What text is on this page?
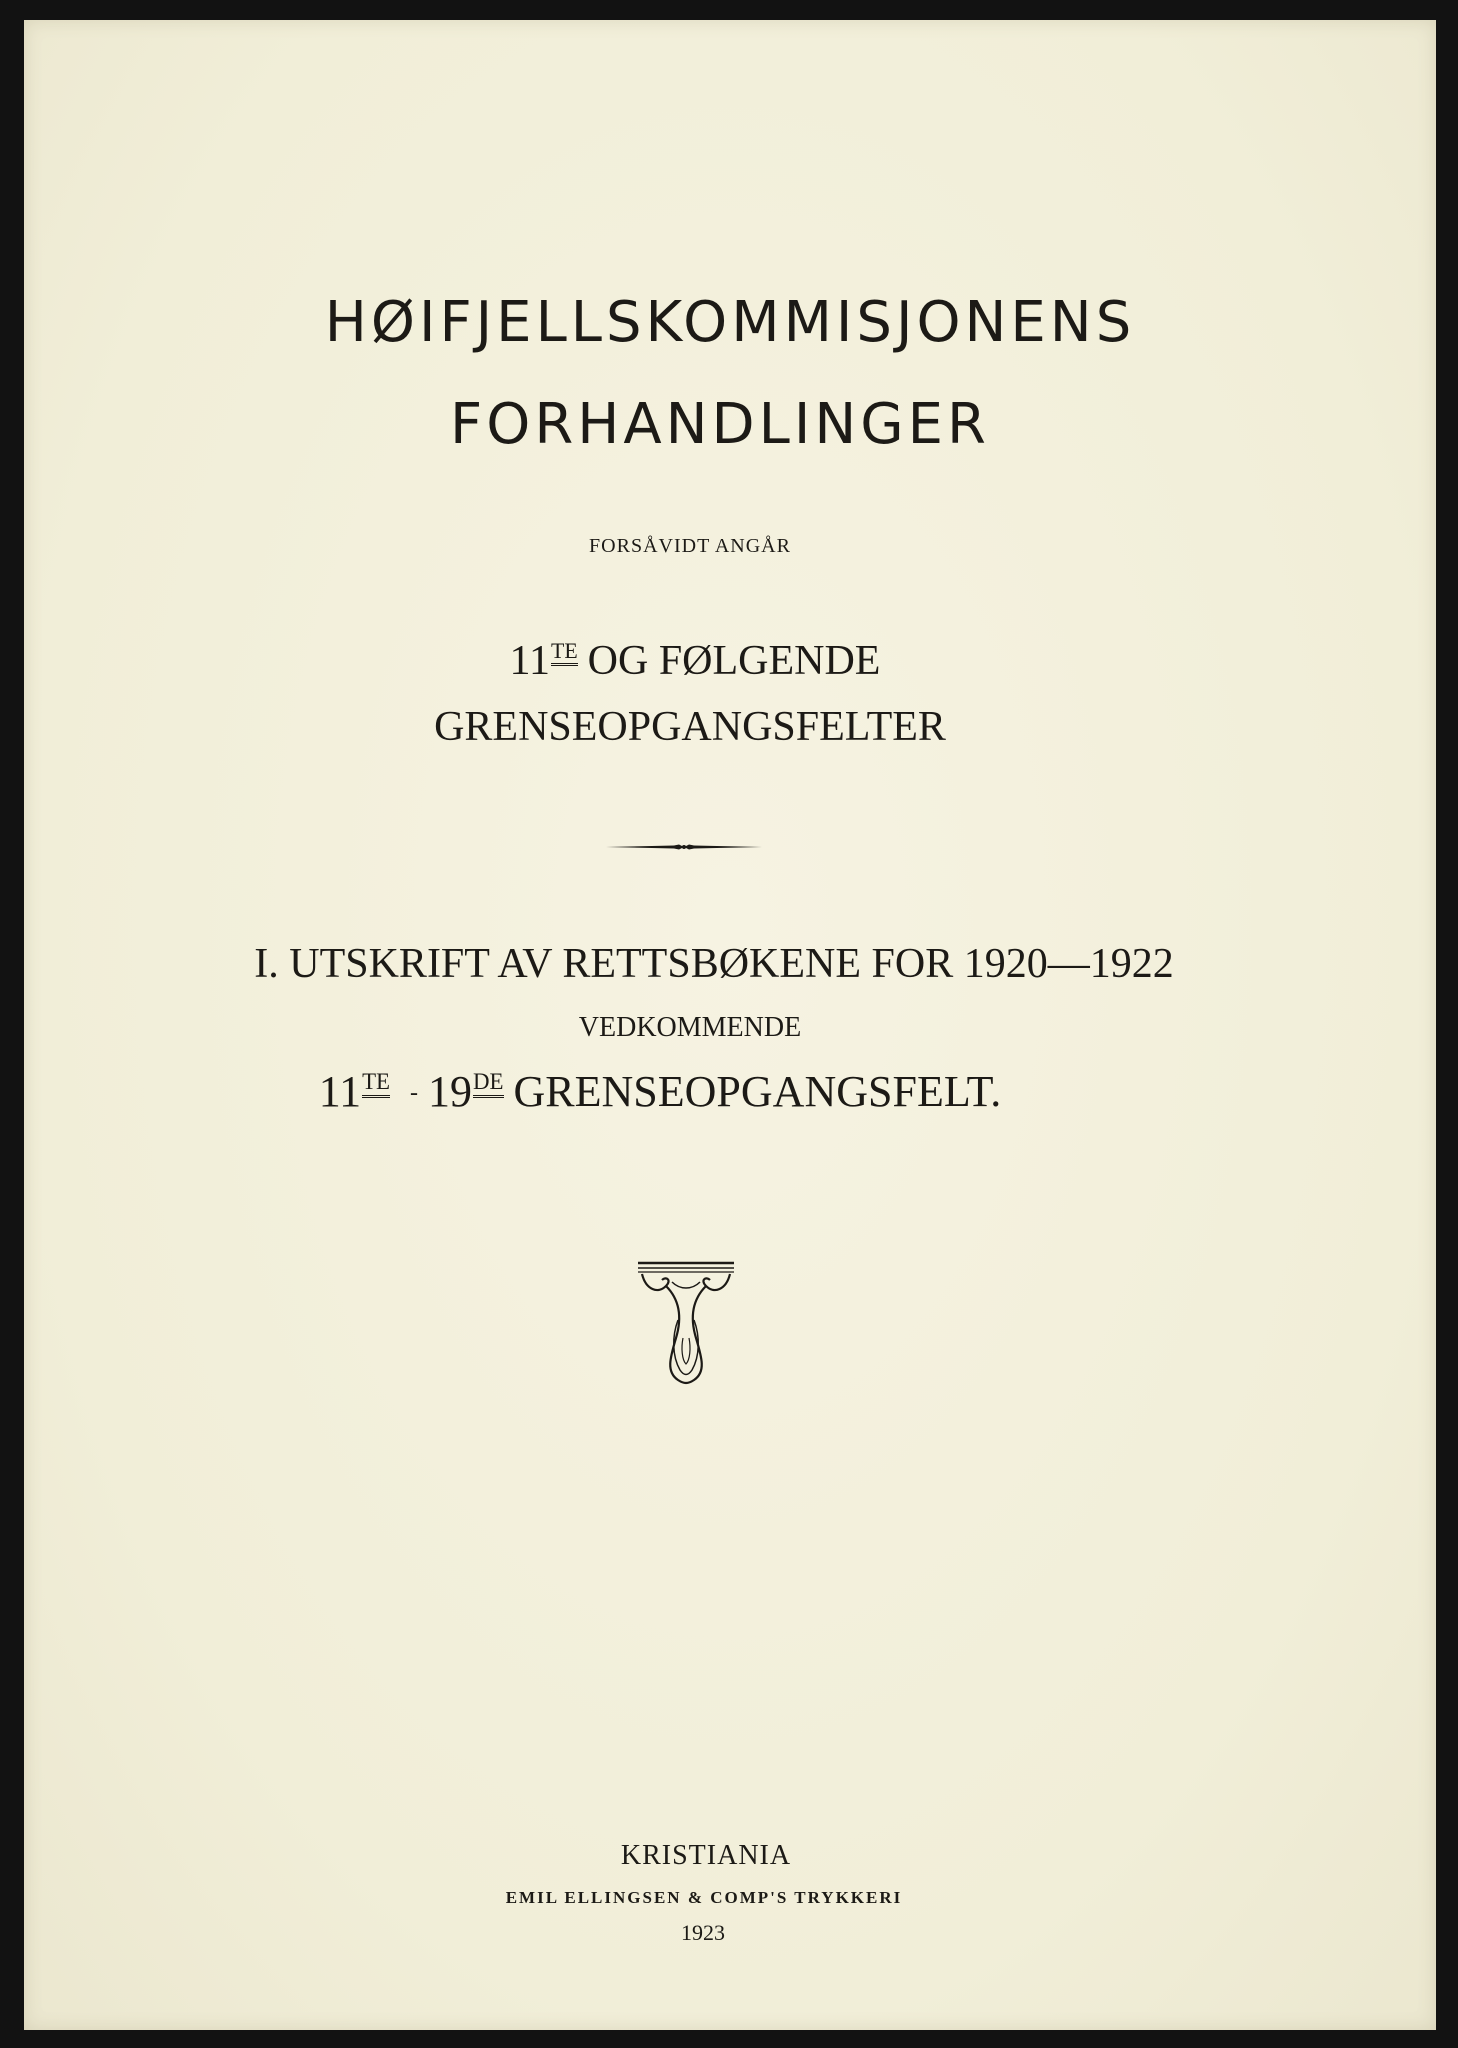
HØIFJELLSKOMMISJONENS
FORHANDLINGER
FORSÅVIDT ANGÅR
11TE OG FØLGENDE
GRENSEOPGANGSFELTER
I. UTSKRIFT AV RETTSBØKENE FOR 1920—1922
VEDKOMMENDE
11TE - 19DE GRENSEOPGANGSFELT.
KRISTIANIA
EMIL ELLINGSEN & COMP'S TRYKKERI
1923
